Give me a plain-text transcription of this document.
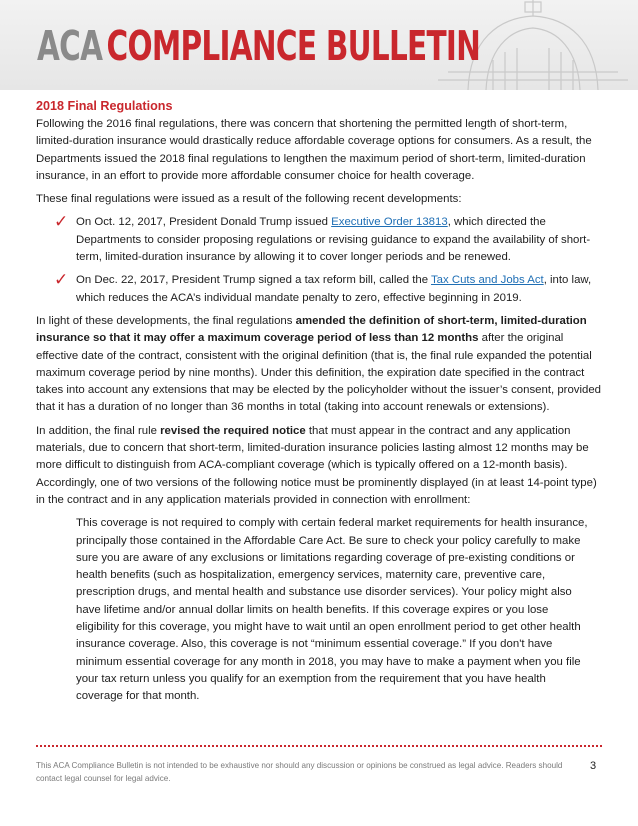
ACA COMPLIANCE BULLETIN
2018 Final Regulations

Following the 2016 final regulations, there was concern that shortening the permitted length of short-term, limited-duration insurance would drastically reduce affordable coverage options for consumers. As a result, the Departments issued the 2018 final regulations to lengthen the maximum period of short-term, limited-duration insurance, in an effort to provide more affordable consumer choice for health coverage.

These final regulations were issued as a result of the following recent developments:

✓ On Oct. 12, 2017, President Donald Trump issued Executive Order 13813, which directed the Departments to consider proposing regulations or revising guidance to expand the availability of short-term, limited-duration insurance by allowing it to cover longer periods and be renewed.
✓ On Dec. 22, 2017, President Trump signed a tax reform bill, called the Tax Cuts and Jobs Act, into law, which reduces the ACA’s individual mandate penalty to zero, effective beginning in 2019.

In light of these developments, the final regulations amended the definition of short-term, limited-duration insurance so that it may offer a maximum coverage period of less than 12 months after the original effective date of the contract, consistent with the original definition (that is, the final rule expanded the potential maximum coverage period by nine months). Under this definition, the expiration date specified in the contract takes into account any extensions that may be elected by the policyholder without the issuer’s consent, provided that it has a duration of no longer than 36 months in total (taking into account renewals or extensions).

In addition, the final rule revised the required notice that must appear in the contract and any application materials, due to concern that short-term, limited-duration insurance policies lasting almost 12 months may be more difficult to distinguish from ACA-compliant coverage (which is typically offered on a 12-month basis). Accordingly, one of two versions of the following notice must be prominently displayed (in at least 14-point type) in the contract and in any application materials provided in connection with enrollment:

This coverage is not required to comply with certain federal market requirements for health insurance, principally those contained in the Affordable Care Act. Be sure to check your policy carefully to make sure you are aware of any exclusions or limitations regarding coverage of pre-existing conditions or health benefits (such as hospitalization, emergency services, maternity care, preventive care, prescription drugs, and mental health and substance use disorder services). Your policy might also have lifetime and/or annual dollar limits on health benefits. If this coverage expires or you lose eligibility for this coverage, you might have to wait until an open enrollment period to get other health insurance coverage. Also, this coverage is not “minimum essential coverage.” If you don't have minimum essential coverage for any month in 2018, you may have to make a payment when you file your tax return unless you qualify for an exemption from the requirement that you have health coverage for that month.
This ACA Compliance Bulletin is not intended to be exhaustive nor should any discussion or opinions be construed as legal advice. Readers should contact legal counsel for legal advice.
3
